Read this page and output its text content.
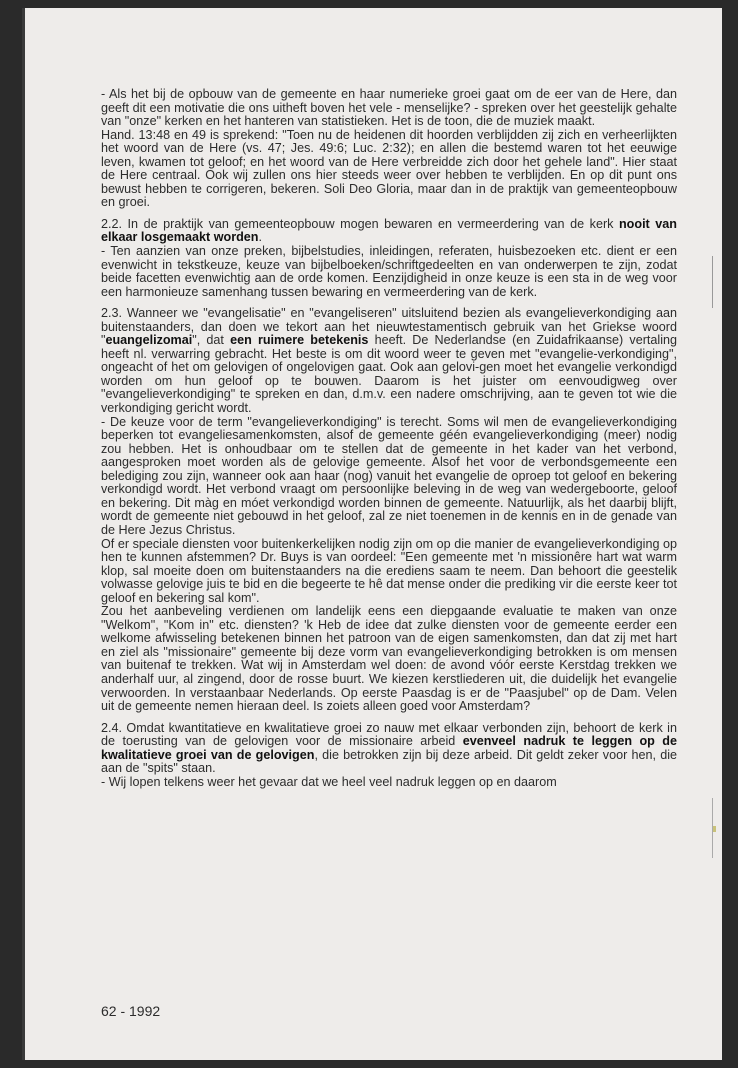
- Als het bij de opbouw van de gemeente en haar numerieke groei gaat om de eer van de Here, dan geeft dit een motivatie die ons uitheft boven het vele - menselijke? - spreken over het geestelijk gehalte van "onze" kerken en het hanteren van statistieken. Het is de toon, die de muziek maakt.

Hand. 13:48 en 49 is sprekend: "Toen nu de heidenen dit hoorden verblijdden zij zich en verheerlijkten het woord van de Here (vs. 47; Jes. 49:6; Luc. 2:32); en allen die bestemd waren tot het eeuwige leven, kwamen tot geloof; en het woord van de Here verbreidde zich door het gehele land". Hier staat de Here centraal. Ook wij zullen ons hier steeds weer over hebben te verblijden. En op dit punt ons bewust hebben te corrigeren, bekeren. Soli Deo Gloria, maar dan in de praktijk van gemeenteopbouw en groei.

2.2. In de praktijk van gemeenteopbouw mogen bewaren en vermeerdering van de kerk nooit van elkaar losgemaakt worden.

- Ten aanzien van onze preken, bijbelstudies, inleidingen, referaten, huisbezoeken etc. dient er een evenwicht in tekstkeuze, keuze van bijbelboeken/schriftgedeelten en van onderwerpen te zijn, zodat beide facetten evenwichtig aan de orde komen. Eenzijdigheid in onze keuze is een sta in de weg voor een harmonieuze samenhang tussen bewaring en vermeerdering van de kerk.

2.3. Wanneer we "evangelisatie" en "evangeliseren" uitsluitend bezien als evangelieverkondiging aan buitenstaanders, dan doen we tekort aan het nieuwtestamentisch gebruik van het Griekse woord "euangelizomai", dat een ruimere betekenis heeft. De Nederlandse (en Zuidafrikaanse) vertaling heeft nl. verwarring gebracht. Het beste is om dit woord weer te geven met "evangelie-verkondiging", ongeacht of het om gelovigen of ongelovigen gaat. Ook aan gelovi-gen moet het evangelie verkondigd worden om hun geloof op te bouwen. Daarom is het juister om eenvoudigweg over "evangelieverkondiging" te spreken en dan, d.m.v. een nadere omschrijving, aan te geven tot wie die verkondiging gericht wordt.

- De keuze voor de term "evangelieverkondiging" is terecht. Soms wil men de evangelieverkondiging beperken tot evangeliesamenkomsten, alsof de gemeente géén evangelieverkondiging (meer) nodig zou hebben. Het is onhoudbaar om te stellen dat de gemeente in het kader van het verbond, aangesproken moet worden als de gelovige gemeente. Alsof het voor de verbondsgemeente een belediging zou zijn, wanneer ook aan haar (nog) vanuit het evangelie de oproep tot geloof en bekering verkondigd wordt. Het verbond vraagt om persoonlijke beleving in de weg van wedergeboorte, geloof en bekering. Dit màg en móet verkondigd worden binnen de gemeente. Natuurlijk, als het daarbij blijft, wordt de gemeente niet gebouwd in het geloof, zal ze niet toenemen in de kennis en in de genade van de Here Jezus Christus.

Of er speciale diensten voor buitenkerkelijken nodig zijn om op die manier de evangelieverkondiging op hen te kunnen afstemmen? Dr. Buys is van oordeel: "Een gemeente met 'n missionêre hart wat warm klop, sal moeite doen om buitenstaanders na die erediens saam te neem. Dan behoort die geestelik volwasse gelovige juis te bid en die begeerte te hê dat mense onder die prediking vir die eerste keer tot geloof en bekering sal kom".

Zou het aanbeveling verdienen om landelijk eens een diepgaande evaluatie te maken van onze "Welkom", "Kom in" etc. diensten? 'k Heb de idee dat zulke diensten voor de gemeente eerder een welkome afwisseling betekenen binnen het patroon van de eigen samenkomsten, dan dat zij met hart en ziel als "missionaire" gemeente bij deze vorm van evangelieverkondiging betrokken is om mensen van buitenaf te trekken. Wat wij in Amsterdam wel doen: de avond vóór eerste Kerstdag trekken we anderhalf uur, al zingend, door de rosse buurt. We kiezen kerstliederen uit, die duidelijk het evangelie verwoorden. In verstaanbaar Nederlands. Op eerste Paasdag is er de "Paasjubel" op de Dam. Velen uit de gemeente nemen hieraan deel. Is zoiets alleen goed voor Amsterdam?

2.4. Omdat kwantitatieve en kwalitatieve groei zo nauw met elkaar verbonden zijn, behoort de kerk in de toerusting van de gelovigen voor de missionaire arbeid evenveel nadruk te leggen op de kwalitatieve groei van de gelovigen, die betrokken zijn bij deze arbeid. Dit geldt zeker voor hen, die aan de "spits" staan.

- Wij lopen telkens weer het gevaar dat we heel veel nadruk leggen op en daarom

62 - 1992
